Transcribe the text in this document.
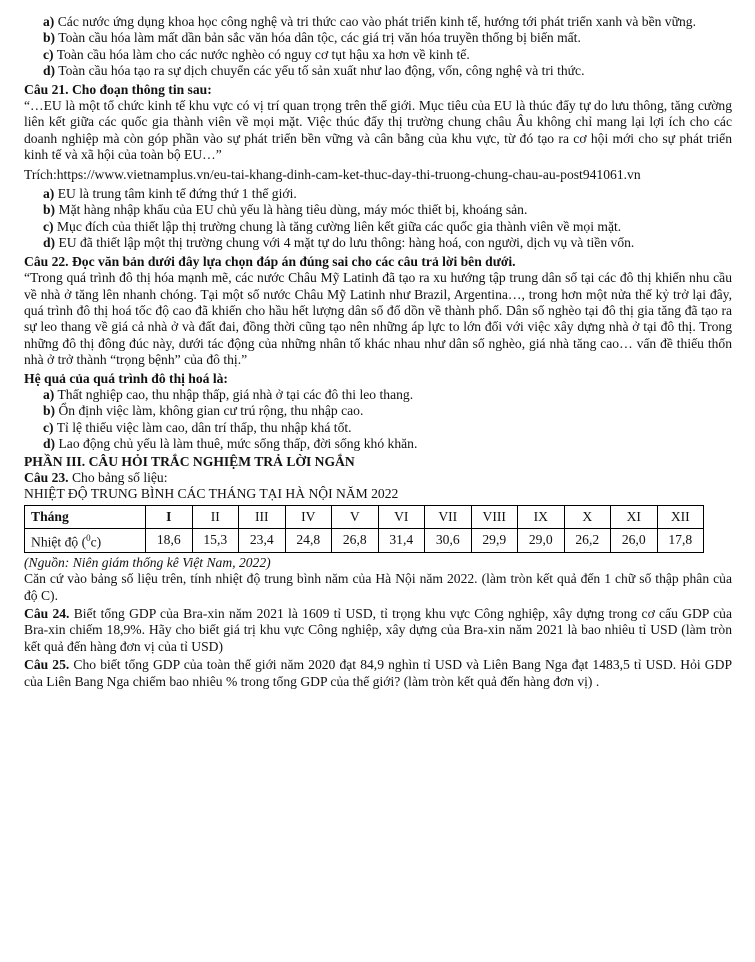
a) Các nước ứng dụng khoa học công nghệ và tri thức cao vào phát triển kinh tế, hướng tới phát triển xanh và bền vững.

b) Toàn cầu hóa làm mất dần bản sắc văn hóa dân tộc, các giá trị văn hóa truyền thống bị biến mất.

c) Toàn cầu hóa làm cho các nước nghèo có nguy cơ tụt hậu xa hơn về kinh tế.

d) Toàn cầu hóa tạo ra sự dịch chuyển các yếu tố sản xuất như lao động, vốn, công nghệ và tri thức.

Câu 21. Cho đoạn thông tin sau:

“…EU là một tổ chức kinh tế khu vực có vị trí quan trọng trên thế giới. Mục tiêu của EU là thúc đẩy tự do lưu thông, tăng cường liên kết giữa các quốc gia thành viên về mọi mặt. Việc thúc đẩy thị trường chung châu Âu không chỉ mang lại lợi ích cho các doanh nghiệp mà còn góp phần vào sự phát triển bền vững và cân bằng của khu vực, từ đó tạo ra cơ hội mới cho sự phát triển kinh tế và xã hội của toàn bộ EU…”

Trích:https://www.vietnamplus.vn/eu-tai-khang-dinh-cam-ket-thuc-day-thi-truong-chung-chau-au-post941061.vn

a) EU là trung tâm kinh tế đứng thứ 1 thế giới.

b) Mặt hàng nhập khẩu của EU chủ yếu là hàng tiêu dùng, máy móc thiết bị, khoáng sản.

c) Mục đích của thiết lập thị trường chung là tăng cường liên kết giữa các quốc gia thành viên về mọi mặt.

d) EU đã thiết lập một thị trường chung với 4 mặt tự do lưu thông: hàng hoá, con người, dịch vụ và tiền vốn.

Câu 22. Đọc văn bản dưới đây lựa chọn đáp án đúng sai cho các câu trả lời bên dưới.

“Trong quá trình đô thị hóa mạnh mẽ, các nước Châu Mỹ Latinh đã tạo ra xu hướng tập trung dân số tại các đô thị khiến nhu cầu về nhà ở tăng lên nhanh chóng. Tại một số nước Châu Mỹ Latinh như Brazil, Argentina…, trong hơn một nửa thế kỷ trở lại đây, quá trình đô thị hoá tốc độ cao đã khiến cho hầu hết lượng dân số đổ dồn về thành phố. Dân số nghèo tại đô thị gia tăng đã tạo ra sự leo thang về giá cả nhà ở và đất đai, đồng thời cũng tạo nên những áp lực to lớn đối với việc xây dựng nhà ở tại đô thị. Trong những đô thị đông đúc này, dưới tác động của những nhân tố khác nhau như dân số nghèo, giá nhà tăng cao… vấn đề thiếu thốn nhà ở trở thành “trọng bệnh” của đô thị.”

Hệ quả của quá trình đô thị hoá là:

a) Thất nghiệp cao, thu nhập thấp, giá nhà ở tại các đô thi leo thang.

b) Ổn định việc làm, không gian cư trú rộng, thu nhập cao.

c) Tỉ lệ thiếu việc làm cao, dân trí thấp, thu nhập khá tốt.

d) Lao động chủ yếu là làm thuê, mức sống thấp, đời sống khó khăn.

PHẦN III. CÂU HỎI TRẮC NGHIỆM TRẢ LỜI NGẮN

Câu 23. Cho bảng số liệu:

NHIỆT ĐỘ TRUNG BÌNH CÁC THÁNG TẠI HÀ NỘI NĂM 2022

Tháng	I	II	III	IV	V	VI	VII	VIII	IX	X	XI	XII
Nhiệt độ ($^0$c)	18,6	15,3	23,4	24,8	26,8	31,4	30,6	29,9	29,0	26,2	26,0	17,8

(Nguồn: Niên giám thống kê Việt Nam, 2022)

Căn cứ vào bảng số liệu trên, tính nhiệt độ trung bình năm của Hà Nội năm 2022. (làm tròn kết quả đến 1 chữ số thập phân của độ C).

Câu 24. Biết tổng GDP của Bra-xin năm 2021 là 1609 tỉ USD, tỉ trọng khu vực Công nghiệp, xây dựng trong cơ cấu GDP của Bra-xin chiếm 18,9%. Hãy cho biết giá trị khu vực Công nghiệp, xây dựng của Bra-xin năm 2021 là bao nhiêu tỉ USD (làm tròn kết quả đến hàng đơn vị của tỉ USD)

Câu 25. Cho biết tổng GDP của toàn thế giới năm 2020 đạt 84,9 nghìn tỉ USD và Liên Bang Nga đạt 1483,5 tỉ USD. Hỏi GDP của Liên Bang Nga chiếm bao nhiêu % trong tổng GDP của thế giới? (làm tròn kết quả đến hàng đơn vị) .
